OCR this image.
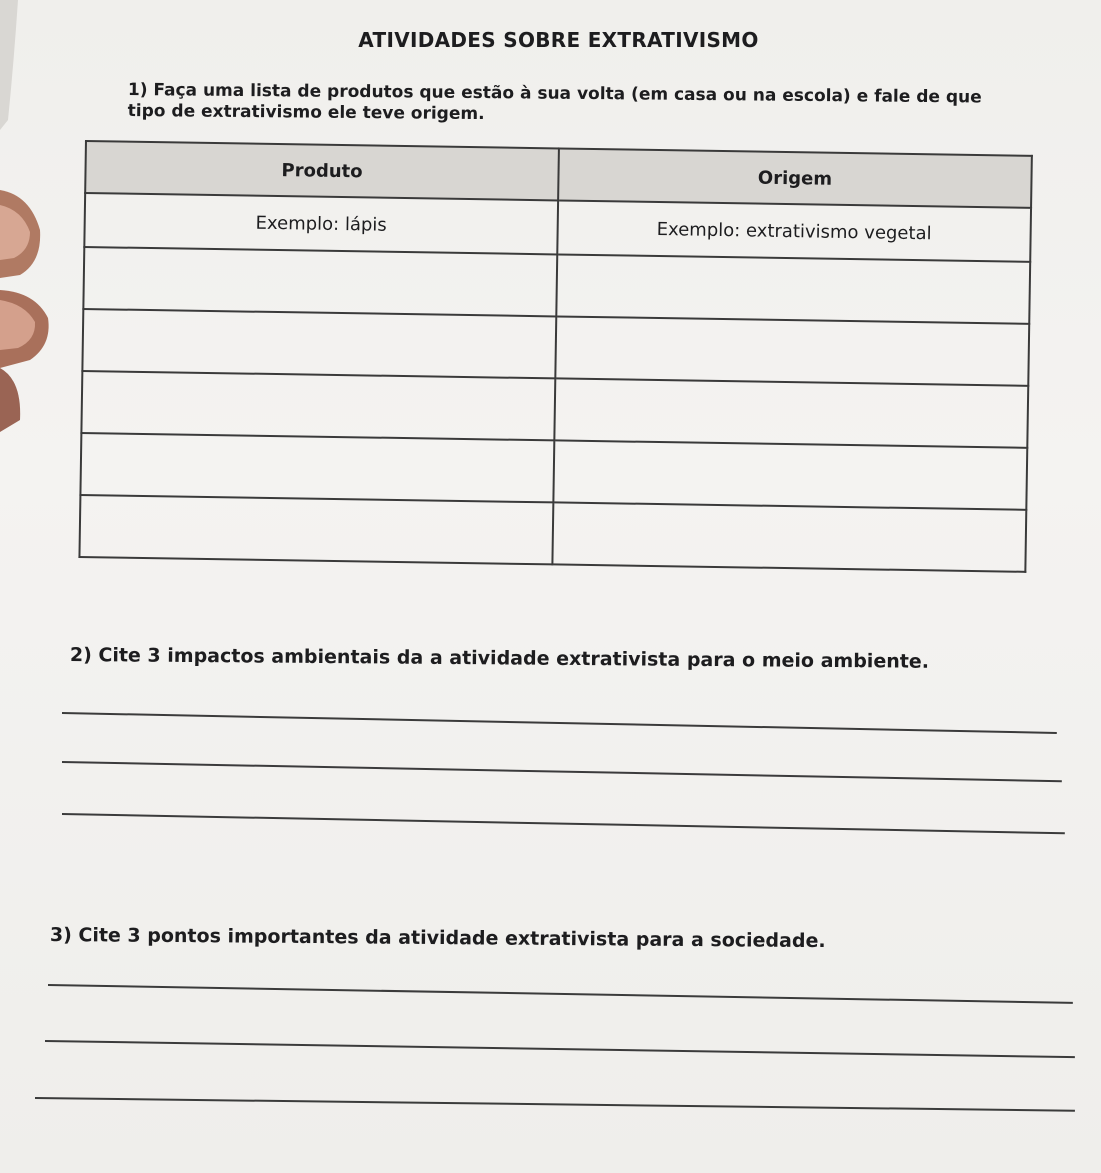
ATIVIDADES SOBRE EXTRATIVISMO
1) Faça uma lista de produtos que estão à sua volta (em casa ou na escola) e fale de que tipo de extrativismo ele teve origem.
Produto	Origem
Exemplo: lápis	Exemplo: extrativismo vegetal

2) Cite 3 impactos ambientais da a atividade extrativista para o meio ambiente.
3) Cite 3 pontos importantes da atividade extrativista para a sociedade.
